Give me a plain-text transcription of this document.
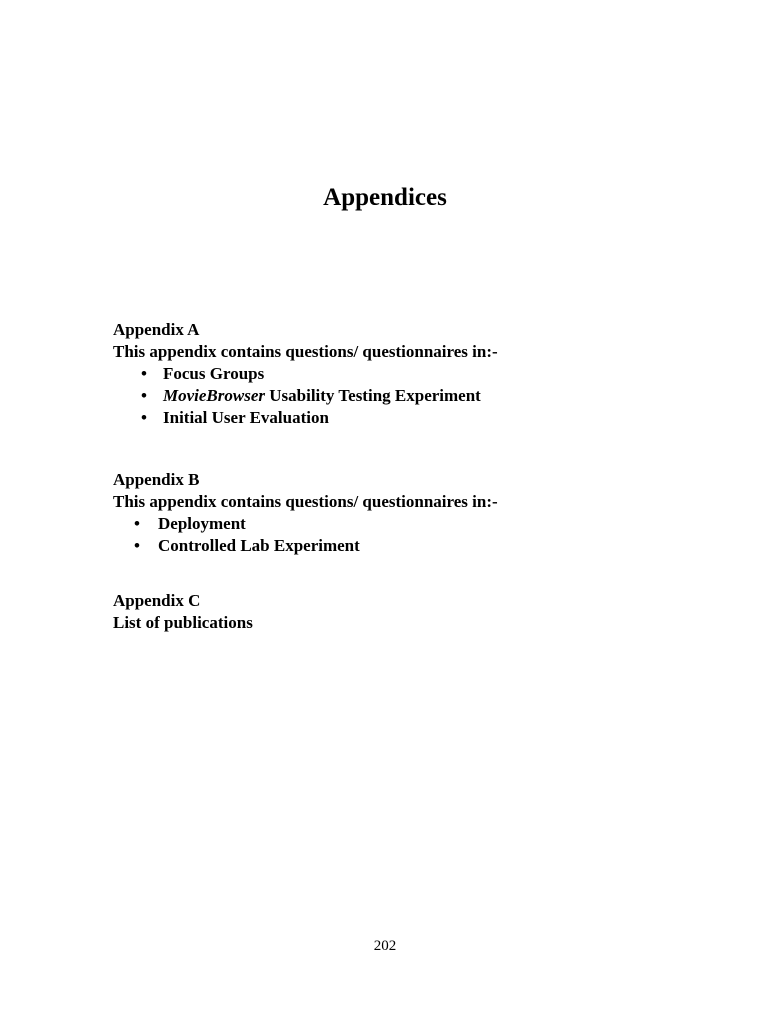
Appendices

Appendix A

This appendix contains questions/ questionnaires in:-

• Focus Groups
• MovieBrowser Usability Testing Experiment
• Initial User Evaluation

Appendix B

This appendix contains questions/ questionnaires in:-

• Deployment
• Controlled Lab Experiment

Appendix C

List of publications

202
